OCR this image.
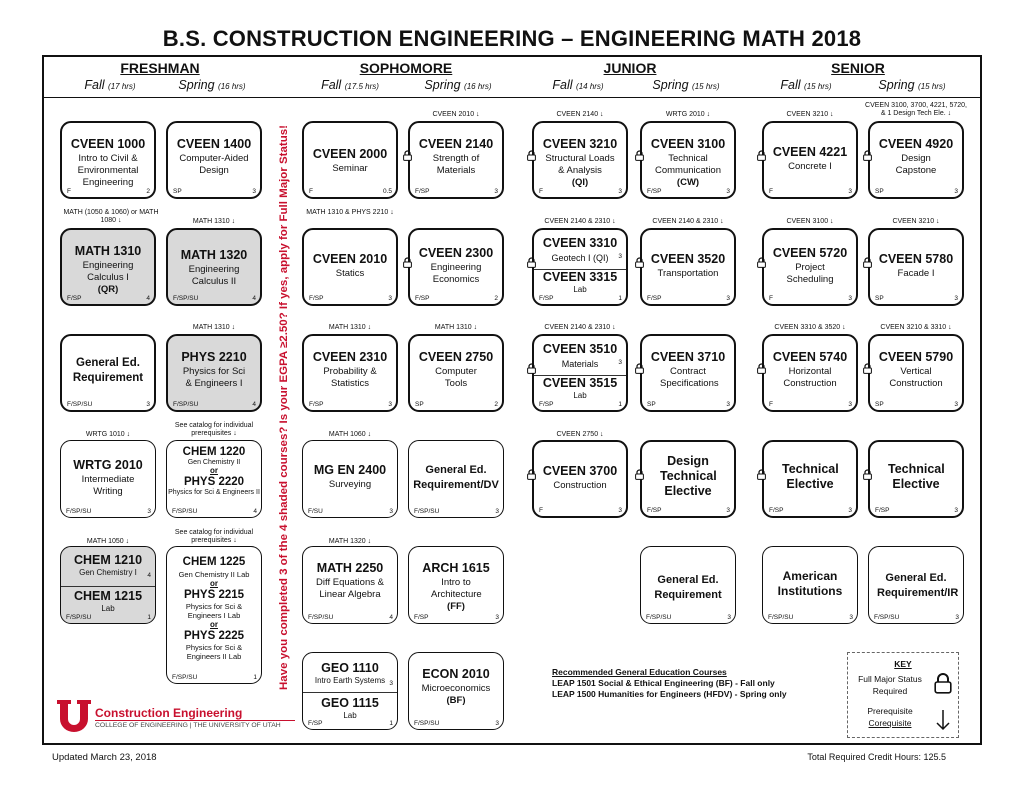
B.S. CONSTRUCTION ENGINEERING – ENGINEERING MATH 2018
FRESHMAN	SOPHOMORE	JUNIOR	SENIOR
Fall (17 hrs)	Spring (16 hrs)	Fall (17.5 hrs)	Spring (16 hrs)	Fall (14 hrs)	Spring (15 hrs)	Fall (15 hrs)	Spring (15 hrs)
Have you completed 3 of the 4 shaded courses? Is your EGPA ≥2.50? If yes, apply for Full Major Status!
CVEEN 2010 ↓	CVEEN 2140 ↓	WRTG 2010 ↓	CVEEN 3210 ↓
CVEEN 3100, 3700, 4221, 5720, & 1 Design Tech Ele. ↓
MATH (1050 & 1060) or MATH 1080 ↓	MATH 1310 ↓
MATH 1310 & PHYS 2210 ↓
CVEEN 2140 & 2310 ↓	CVEEN 2140 & 2310 ↓	CVEEN 3100 ↓	CVEEN 3210 ↓
MATH 1310 ↓	MATH 1310 ↓	MATH 1310 ↓	CVEEN 2140 & 2310 ↓	CVEEN 3310 & 3520 ↓	CVEEN 3210 & 3310 ↓
WRTG 1010 ↓
See catalog for individual prerequisites ↓	MATH 1060 ↓	CVEEN 2750 ↓
MATH 1050 ↓
See catalog for individual prerequisites ↓	MATH 1320 ↓
CVEEN 1000
Intro to Civil & Environmental Engineering
F	2
CVEEN 1400
Computer-Aided Design
SP	3
CVEEN 2000
Seminar
F	0.5
CVEEN 2140
Strength of Materials
F/SP	3
CVEEN 3210
Structural Loads & Analysis
(QI)
F	3
CVEEN 3100
Technical Communication
(CW)
F/SP	3
CVEEN 4221
Concrete I
F	3
CVEEN 4920
Design Capstone
SP	3
MATH 1310
Engineering Calculus I
(QR)
F/SP	4
MATH 1320
Engineering Calculus II
F/SP/SU	4
CVEEN 2010
Statics
F/SP	3
CVEEN 2300
Engineering Economics
F/SP	2
CVEEN 3310
Geotech I (QI)	3
CVEEN 3315
Lab
F/SP	1
CVEEN 3520
Transportation
F/SP	3
CVEEN 5720
Project Scheduling
F	3
CVEEN 5780
Facade I
SP	3
General Ed. Requirement
F/SP/SU	3
PHYS 2210
Physics for Sci & Engineers I
F/SP/SU	4
CVEEN 2310
Probability & Statistics
F/SP	3
CVEEN 2750
Computer Tools
SP	2
CVEEN 3510
Materials	3
CVEEN 3515
Lab
F/SP	1
CVEEN 3710
Contract Specifications
SP	3
CVEEN 5740
Horizontal Construction
F	3
CVEEN 5790
Vertical Construction
SP	3
WRTG 2010
Intermediate Writing
F/SP/SU	3
CHEM 1220
Gen Chemistry II
or
PHYS 2220
Physics for Sci & Engineers II
F/SP/SU	4
MG EN 2400
Surveying
F/SU	3
General Ed. Requirement/DV
F/SP/SU	3
CVEEN 3700
Construction
F	3
Design Technical Elective
F/SP	3
Technical Elective
F/SP	3
Technical Elective
F/SP	3
CHEM 1210
Gen Chemistry I	4
CHEM 1215
Lab
F/SP/SU	1
CHEM 1225
Gen Chemistry II Lab
or
PHYS 2215
Physics for Sci & Engineers I Lab
or
PHYS 2225
Physics for Sci & Engineers II Lab
F/SP/SU	1
MATH 2250
Diff Equations & Linear Algebra
F/SP/SU	4
ARCH 1615
Intro to Architecture
(FF)
F/SP	3
General Ed. Requirement
F/SP/SU	3
American Institutions
F/SP/SU	3
General Ed. Requirement/IR
F/SP/SU	3
GEO 1110
Intro Earth Systems 3
GEO 1115
Lab
F/SP	1
ECON 2010
Microeconomics
(BF)
F/SP/SU	3
Recommended General Education Courses
LEAP 1501 Social & Ethical Engineering (BF) - Fall only
LEAP 1500 Humanities for Engineers (HFDV) - Spring only
KEY
Full Major Status Required
Prerequisite
Corequisite
Construction Engineering
COLLEGE OF ENGINEERING | THE UNIVERSITY OF UTAH
Updated March 23, 2018	Total Required Credit Hours: 125.5
